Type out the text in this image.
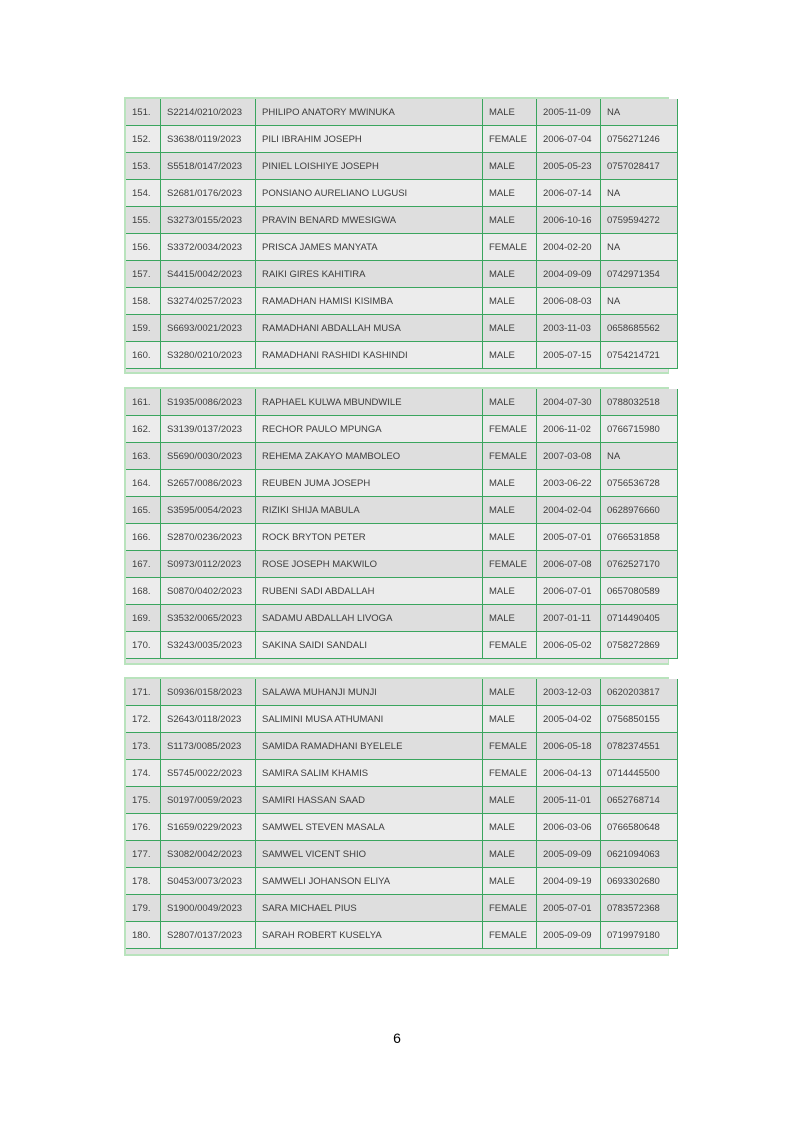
151.	S2214/0210/2023	PHILIPO ANATORY MWINUKA	MALE	2005-11-09	NA
152.	S3638/0119/2023	PILI IBRAHIM JOSEPH	FEMALE	2006-07-04	0756271246
153.	S5518/0147/2023	PINIEL LOISHIYE JOSEPH	MALE	2005-05-23	0757028417
154.	S2681/0176/2023	PONSIANO AURELIANO LUGUSI	MALE	2006-07-14	NA
155.	S3273/0155/2023	PRAVIN BENARD MWESIGWA	MALE	2006-10-16	0759594272
156.	S3372/0034/2023	PRISCA JAMES MANYATA	FEMALE	2004-02-20	NA
157.	S4415/0042/2023	RAIKI GIRES KAHITIRA	MALE	2004-09-09	0742971354
158.	S3274/0257/2023	RAMADHAN HAMISI KISIMBA	MALE	2006-08-03	NA
159.	S6693/0021/2023	RAMADHANI ABDALLAH MUSA	MALE	2003-11-03	0658685562
160.	S3280/0210/2023	RAMADHANI RASHIDI KASHINDI	MALE	2005-07-15	0754214721
161.	S1935/0086/2023	RAPHAEL KULWA MBUNDWILE	MALE	2004-07-30	0788032518
162.	S3139/0137/2023	RECHOR PAULO MPUNGA	FEMALE	2006-11-02	0766715980
163.	S5690/0030/2023	REHEMA ZAKAYO MAMBOLEO	FEMALE	2007-03-08	NA
164.	S2657/0086/2023	REUBEN JUMA JOSEPH	MALE	2003-06-22	0756536728
165.	S3595/0054/2023	RIZIKI SHIJA MABULA	MALE	2004-02-04	0628976660
166.	S2870/0236/2023	ROCK BRYTON PETER	MALE	2005-07-01	0766531858
167.	S0973/0112/2023	ROSE JOSEPH MAKWILO	FEMALE	2006-07-08	0762527170
168.	S0870/0402/2023	RUBENI SADI ABDALLAH	MALE	2006-07-01	0657080589
169.	S3532/0065/2023	SADAMU ABDALLAH LIVOGA	MALE	2007-01-11	0714490405
170.	S3243/0035/2023	SAKINA SAIDI SANDALI	FEMALE	2006-05-02	0758272869
171.	S0936/0158/2023	SALAWA MUHANJI MUNJI	MALE	2003-12-03	0620203817
172.	S2643/0118/2023	SALIMINI MUSA ATHUMANI	MALE	2005-04-02	0756850155
173.	S1173/0085/2023	SAMIDA RAMADHANI BYELELE	FEMALE	2006-05-18	0782374551
174.	S5745/0022/2023	SAMIRA SALIM KHAMIS	FEMALE	2006-04-13	0714445500
175.	S0197/0059/2023	SAMIRI HASSAN SAAD	MALE	2005-11-01	0652768714
176.	S1659/0229/2023	SAMWEL STEVEN MASALA	MALE	2006-03-06	0766580648
177.	S3082/0042/2023	SAMWEL VICENT SHIO	MALE	2005-09-09	0621094063
178.	S0453/0073/2023	SAMWELI JOHANSON ELIYA	MALE	2004-09-19	0693302680
179.	S1900/0049/2023	SARA MICHAEL PIUS	FEMALE	2005-07-01	0783572368
180.	S2807/0137/2023	SARAH ROBERT KUSELYA	FEMALE	2005-09-09	0719979180
6
